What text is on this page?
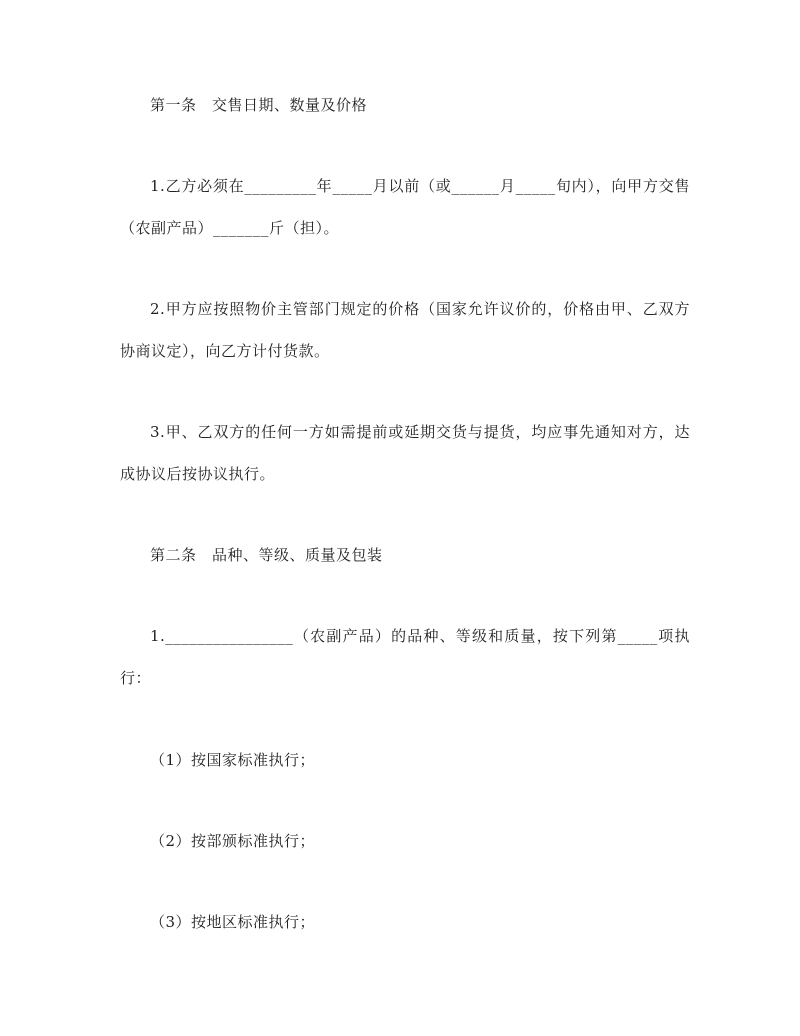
第一条　交售日期、数量及价格

1.乙方必须在_________年_____月以前（或______月_____旬内），向甲方交售（农副产品）_______斤（担）。

2.甲方应按照物价主管部门规定的价格（国家允许议价的，价格由甲、乙双方协商议定），向乙方计付货款。

3.甲、乙双方的任何一方如需提前或延期交货与提货，均应事先通知对方，达成协议后按协议执行。

第二条　品种、等级、质量及包装

1.________________（农副产品）的品种、等级和质量，按下列第_____项执行：

（1）按国家标准执行；

（2）按部颁标准执行；

（3）按地区标准执行；
